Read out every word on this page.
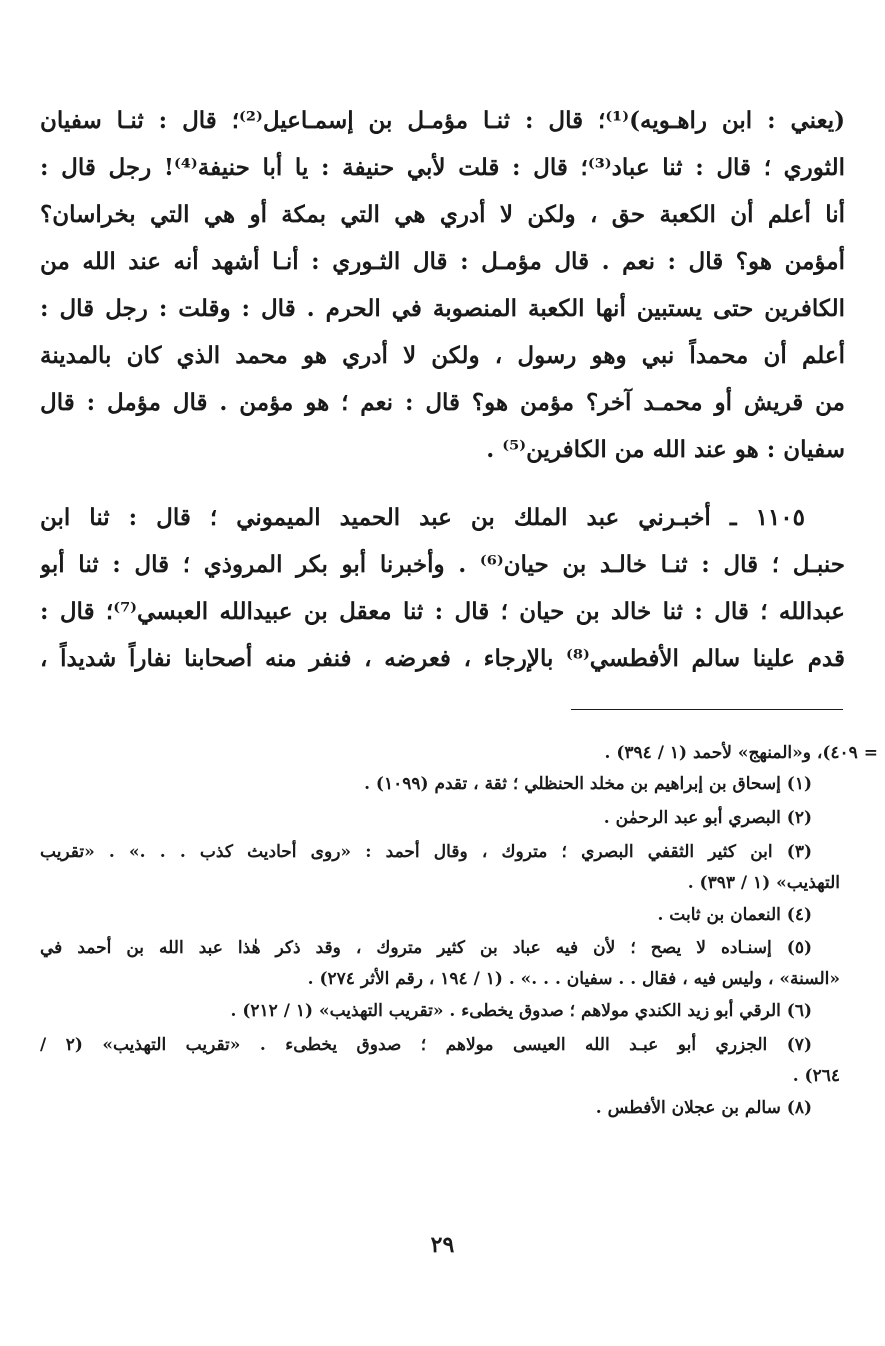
(يعني : ابن راهـويه)⁽¹⁾؛ قال : ثنـا مؤمـل بن إسمـاعيل⁽²⁾؛ قال : ثنـا سفيان
الثوري ؛ قال : ثنا عباد⁽³⁾؛ قال : قلت لأبي حنيفة : يا أبا حنيفة⁽⁴⁾! رجل قال :
أنا أعلم أن الكعبة حق ، ولكن لا أدري هي التي بمكة أو هي التي بخراسان؟
أمؤمن هو؟ قال : نعم . قال مؤمـل : قال الثـوري : أنـا أشهد أنه عند الله من
الكافرين حتى يستبين أنها الكعبة المنصوبة في الحرم . قال : وقلت : رجل قال :
أعلم أن محمداً نبي وهو رسول ، ولكن لا أدري هو محمد الذي كان بالمدينة
من قريش أو محمـد آخر؟ مؤمن هو؟ قال : نعم ؛ هو مؤمن . قال مؤمل : قال
سفيان : هو عند الله من الكافرين⁽⁵⁾ .
١١٠٥ ـ أخبـرني عبد الملك بن عبد الحميد الميموني ؛ قال : ثنا ابن
حنبـل ؛ قال : ثنـا خالـد بن حيان⁽⁶⁾ . وأخبرنا أبو بكر المروذي ؛ قال : ثنا أبو
عبدالله ؛ قال : ثنا خالد بن حيان ؛ قال : ثنا معقل بن عبيدالله العبسي⁽⁷⁾؛ قال :
قدم علينا سالم الأفطسي⁽⁸⁾ بالإرجاء ، فعرضه ، فنفر منه أصحابنا نفاراً شديداً ،
= ٤٠٩)، و«المنهج» لأحمد (١ / ٣٩٤) .
(١) إسحاق بن إبراهيم بن مخلد الحنظلي ؛ ثقة ، تقدم (١٠٩٩) .
(٢) البصري أبو عبد الرحمٰن .
(٣) ابن كثير الثقفي البصري ؛ متروك ، وقال أحمد : «روى أحاديث كذب . . .» . «تقريب
التهذيب» (١ / ٣٩٣) .
(٤) النعمان بن ثابت .
(٥) إسنـاده لا يصح ؛ لأن فيه عباد بن كثير متروك ، وقد ذكر هٰذا عبد الله بن أحمد في
«السنة» ، وليس فيه ، فقال . . سفيان . . .» . (١ / ١٩٤ ، رقم الأثر ٢٧٤) .
(٦) الرقي أبو زيد الكندي مولاهم ؛ صدوق يخطىء . «تقريب التهذيب» (١ / ٢١٢) .
(٧) الجزري أبو عبـد الله العيسى مولاهم ؛ صدوق يخطىء . «تقريب التهذيب» (٢ /
٢٦٤) .
(٨) سالم بن عجلان الأفطس .
٢٩
